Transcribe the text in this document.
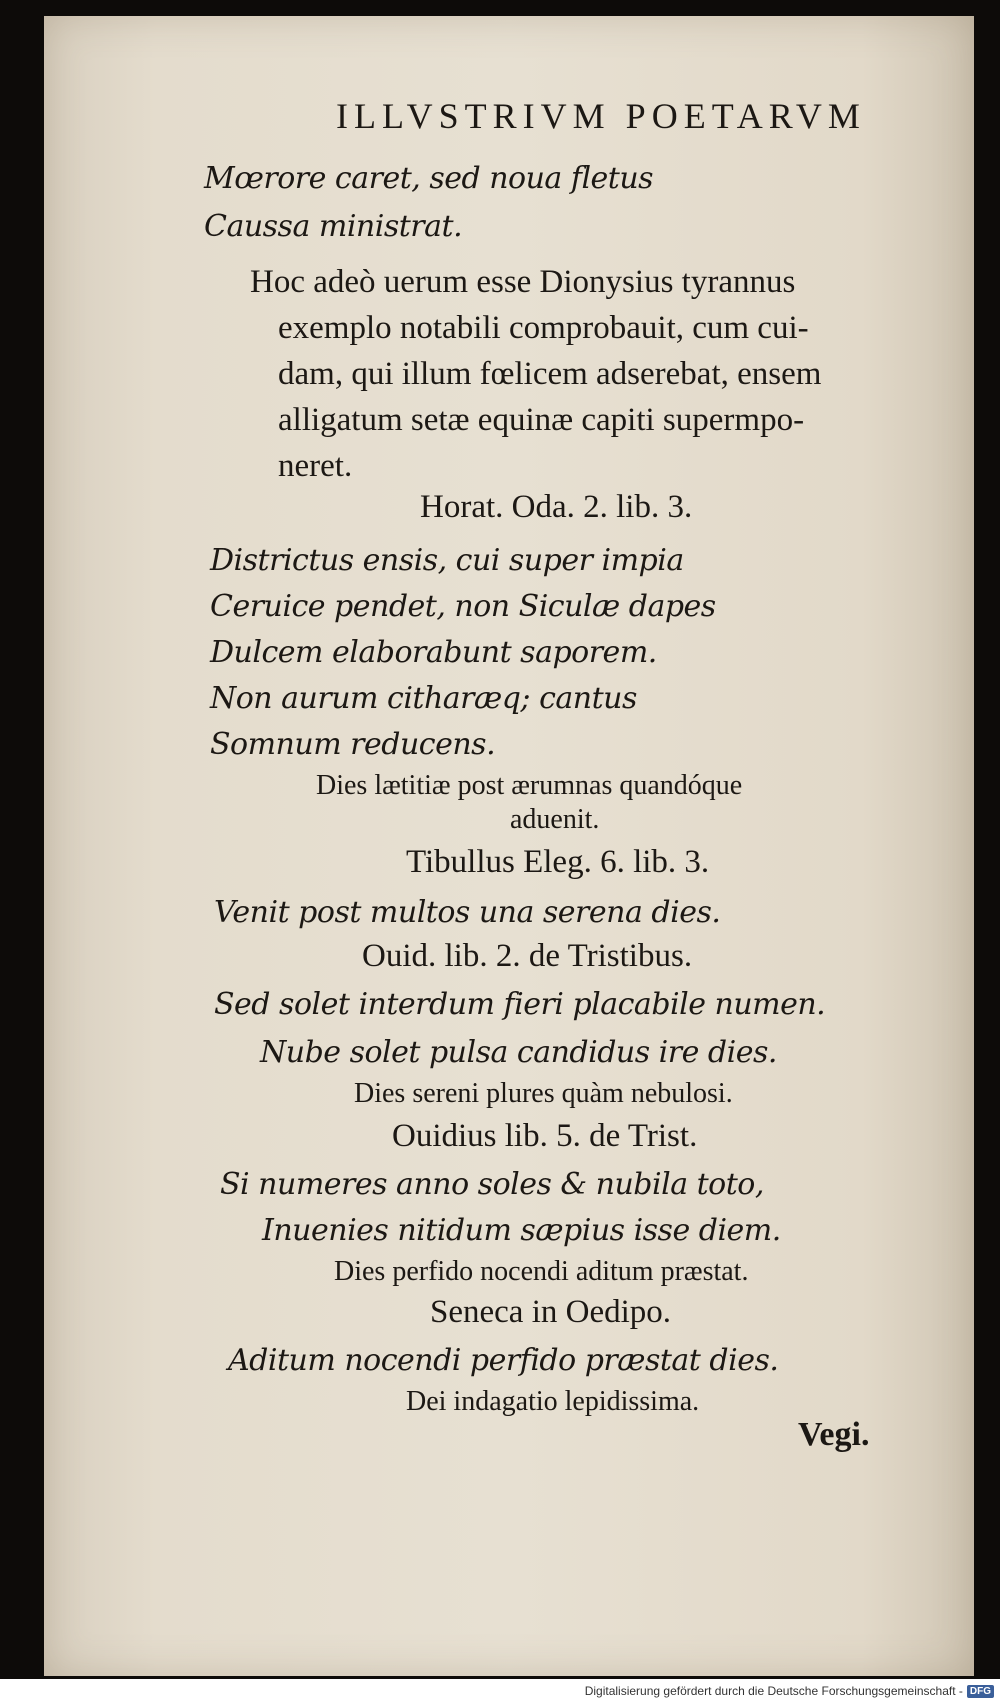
ILLVSTRIVM POETARVM
Mœrore caret, sed noua fletus
Caussa ministrat.
Hoc adeò uerum esse Dionysius tyrannus
exemplo notabili comprobauit, cum cui-
dam, qui illum fœlicem adserebat, ensem
alligatum setæ equinæ capiti supermpo-
neret.
Horat. Oda. 2. lib. 3.
Districtus ensis, cui super impia
Ceruice pendet, non Siculæ dapes
Dulcem elaborabunt saporem.
Non aurum citharæq; cantus
Somnum reducens.
Dies lætitiæ post ærumnas quandóque
aduenit.
Tibullus Eleg. 6. lib. 3.
Venit post multos una serena dies.
Ouid. lib. 2. de Tristibus.
Sed solet interdum fieri placabile numen.
Nube solet pulsa candidus ire dies.
Dies sereni plures quàm nebulosi.
Ouidius lib. 5. de Trist.
Si numeres anno soles & nubila toto,
Inuenies nitidum sæpius isse diem.
Dies perfido nocendi aditum præstat.
Seneca in Oedipo.
Aditum nocendi perfido præstat dies.
Dei indagatio lepidissima.
Vegi.
Digitalisierung gefördert durch die Deutsche Forschungsgemeinschaft - DFG
